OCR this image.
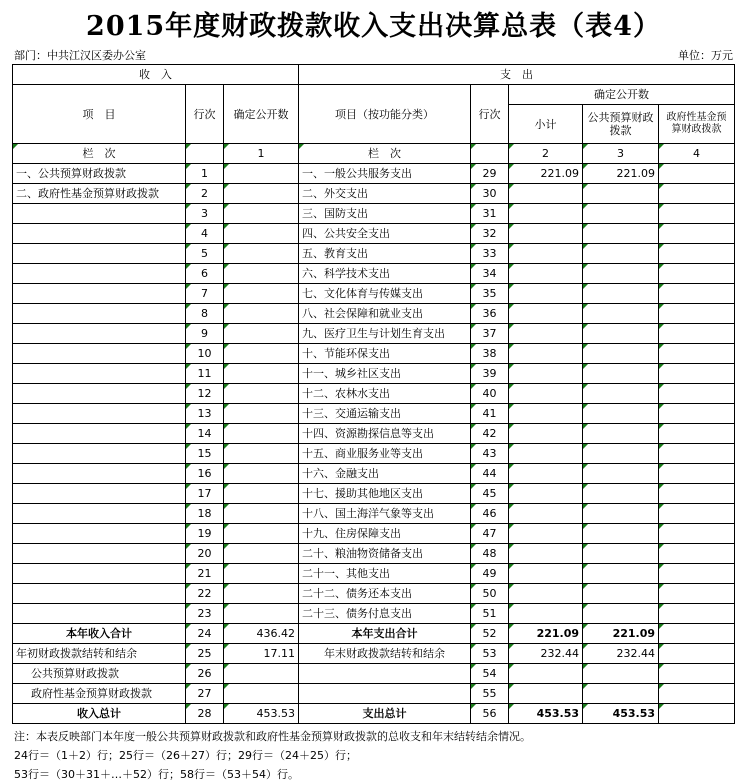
2015年度财政拨款收入支出决算总表（表4）
部门：中共江汉区委办公室	单位：万元
收　入			支　出				
项　目	行次	确定公开数	项目（按功能分类）	行次	确定公开数		
					小计	公共预算财政拨款	政府性基金预算财政拨款
栏　次		1	栏　次		2	3	4
一、公共预算财政拨款	1		一、一般公共服务支出	29	221.09	221.09	
二、政府性基金预算财政拨款	2		二、外交支出	30			
	3		三、国防支出	31			
	4		四、公共安全支出	32			
	5		五、教育支出	33			
	6		六、科学技术支出	34			
	7		七、文化体育与传媒支出	35			
	8		八、社会保障和就业支出	36			
	9		九、医疗卫生与计划生育支出	37			
	10		十、节能环保支出	38			
	11		十一、城乡社区支出	39			
	12		十二、农林水支出	40			
	13		十三、交通运输支出	41			
	14		十四、资源勘探信息等支出	42			
	15		十五、商业服务业等支出	43			
	16		十六、金融支出	44			
	17		十七、援助其他地区支出	45			
	18		十八、国土海洋气象等支出	46			
	19		十九、住房保障支出	47			
	20		二十、粮油物资储备支出	48			
	21		二十一、其他支出	49			
	22		二十二、债务还本支出	50			
	23		二十三、债务付息支出	51			
本年收入合计	24	436.42	本年支出合计	52	221.09	221.09	
年初财政拨款结转和结余	25	17.11	年末财政拨款结转和结余	53	232.44	232.44	
公共预算财政拨款	26			54			
政府性基金预算财政拨款	27			55			
收入总计	28	453.53	支出总计	56	453.53	453.53	
注：本表反映部门本年度一般公共预算财政拨款和政府性基金预算财政拨款的总收支和年末结转结余情况。
24行＝（1＋2）行；25行＝（26＋27）行；29行＝（24＋25）行；
53行＝（30＋31＋…＋52）行；58行＝（53＋54）行。
